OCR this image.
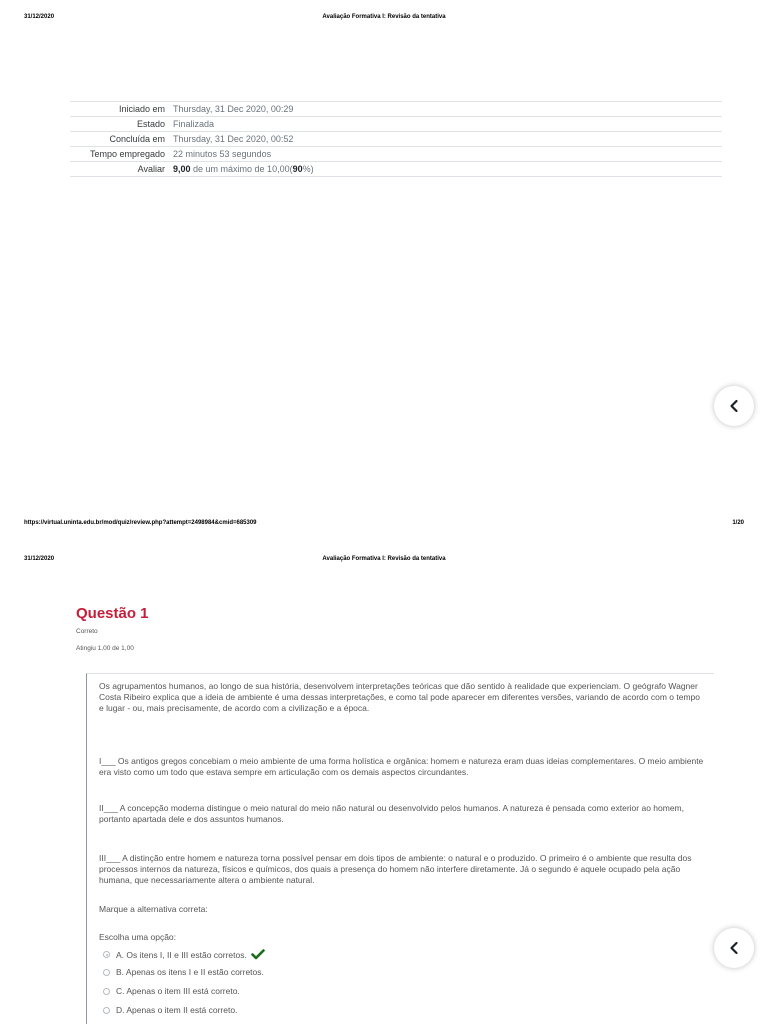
31/12/2020	Avaliação Formativa I: Revisão da tentativa
Iniciado em	Thursday, 31 Dec 2020, 00:29
Estado	Finalizada
Concluída em	Thursday, 31 Dec 2020, 00:52
Tempo empregado	22 minutos 53 segundos
Avaliar	9,00 de um máximo de 10,00(90%)
https://virtual.uninta.edu.br/mod/quiz/review.php?attempt=2498984&cmid=685309	1/20
31/12/2020	Avaliação Formativa I: Revisão da tentativa
Questão 1
Correto
Atingiu 1,00 de 1,00

Os agrupamentos humanos, ao longo de sua história, desenvolvem interpretações teóricas que dão sentido à realidade que experienciam. O geógrafo Wagner Costa Ribeiro explica que a ideia de ambiente é uma dessas interpretações, e como tal pode aparecer em diferentes versões, variando de acordo com o tempo e lugar - ou, mais precisamente, de acordo com a civilização e a época.

I___ Os antigos gregos concebiam o meio ambiente de uma forma holística e orgânica: homem e natureza eram duas ideias complementares. O meio ambiente era visto como um todo que estava sempre em articulação com os demais aspectos circundantes.

II___ A concepção moderna distingue o meio natural do meio não natural ou desenvolvido pelos humanos. A natureza é pensada como exterior ao homem, portanto apartada dele e dos assuntos humanos.

III___ A distinção entre homem e natureza torna possível pensar em dois tipos de ambiente: o natural e o produzido. O primeiro é o ambiente que resulta dos processos internos da natureza, físicos e químicos, dos quais a presença do homem não interfere diretamente. Já o segundo é aquele ocupado pela ação humana, que necessariamente altera o ambiente natural.

Marque a alternativa correta:

Escolha uma opção:

A. Os itens I, II e III estão corretos.
B. Apenas os itens I e II estão corretos.
C. Apenas o item III está correto.
D. Apenas o item II está correto.
